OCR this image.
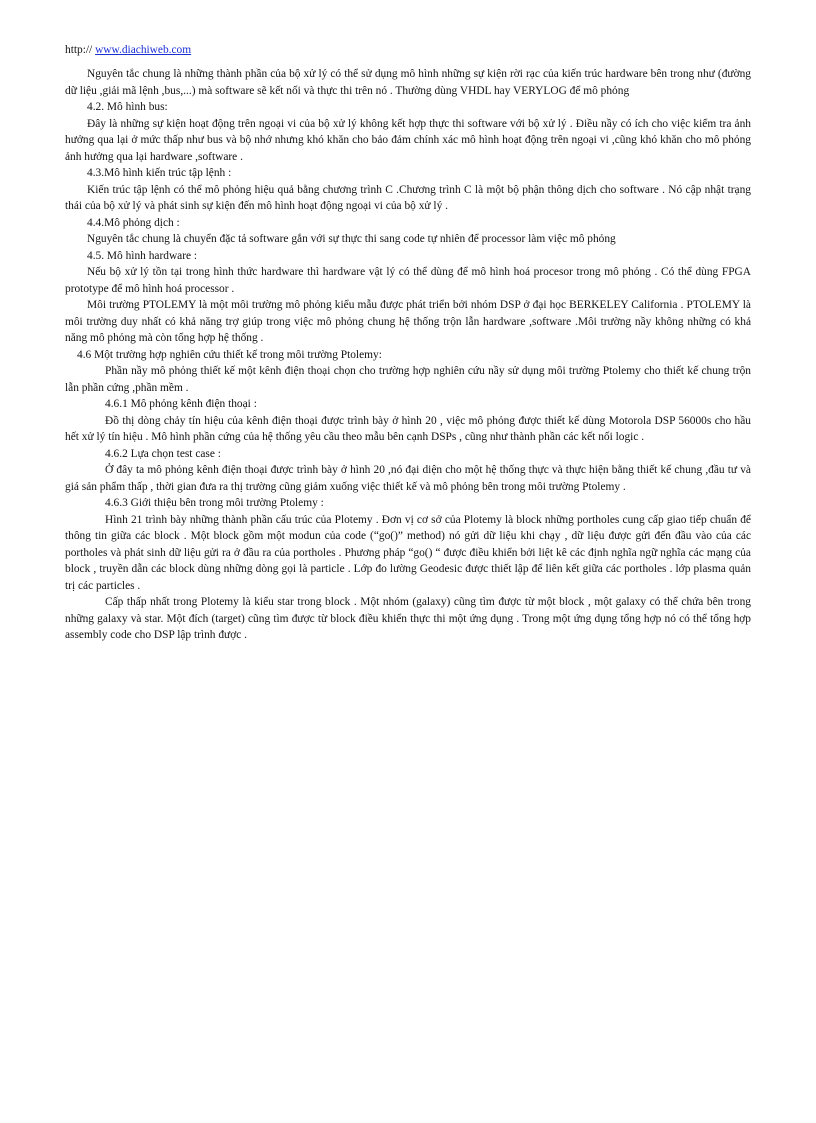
http:// www.diachiweb.com

Nguyên tắc chung là những thành phần của bộ xử lý có thể sử dụng mô hình những sự kiện rời rạc của kiến trúc hardware bên trong như (đường dữ liệu ,giải mã lệnh ,bus,...) mà software sẽ kết nối và thực thi trên nó . Thường dùng VHDL hay VERYLOG để mô phỏng

4.2. Mô hình bus:

Đây là những sự kiện hoạt động trên ngoại vi của bộ xử lý không kết hợp thực thi software với bộ xử lý . Điều nầy có ích cho việc kiểm tra ảnh hưởng qua lại ở mức thấp như bus và bộ nhớ nhưng khó khăn cho bảo đảm chính xác mô hình hoạt động trên ngoại vi ,cũng khó khăn cho mô phỏng ảnh hưởng qua lại hardware ,software .

4.3.Mô hình kiến trúc tập lệnh :

Kiến trúc tập lệnh có thể mô phỏng hiệu quả bằng chương trình C .Chương trình C là một bộ phận thông dịch cho software . Nó cập nhật trạng thái của bộ xử lý và phát sinh sự kiện đến mô hình hoạt động ngoại vi của bộ xử lý .

4.4.Mô phỏng dịch :

Nguyên tắc chung là chuyển đặc tả software gắn với sự thực thi sang code tự nhiên để processor làm việc mô phỏng

4.5. Mô hình hardware :

Nếu bộ xử lý tồn tại trong hình thức hardware thì hardware vật lý có thể dùng để mô hình hoá procesor trong mô phỏng . Có thể dùng FPGA prototype để mô hình hoá processor .

Môi trường PTOLEMY là một môi trường mô phỏng kiểu mẫu được phát triển bởi nhóm DSP ở đại học BERKELEY California . PTOLEMY là môi trường duy nhất có khả năng trợ giúp trong việc mô phỏng chung hệ thống trộn lẫn hardware ,software .Môi trường nầy không những có khả năng mô phỏng mà còn tổng hợp hệ thống .

4.6 Một trường hợp nghiên cứu thiết kế trong môi trường Ptolemy:

Phần nầy mô phỏng thiết kế một kênh điện thoại chọn cho trường hợp nghiên cứu nầy sử dụng môi trường Ptolemy cho thiết kế chung trộn lẫn phần cứng ,phần mềm .

4.6.1 Mô phỏng kênh điện thoại :

Đồ thị dòng chảy tín hiệu của kênh điện thoại được trình bày ở hình 20 , việc mô phỏng được thiết kế dùng Motorola DSP 56000s cho hầu hết xử lý tín hiệu . Mô hình phần cứng của hệ thống yêu cầu theo mẫu bên cạnh DSPs , cũng như thành phần các kết nối logic .

4.6.2 Lựa chọn test case :

Ở đây ta mô phỏng kênh điện thoại được trình bày ở hình 20 ,nó đại diện cho một hệ thống thực và thực hiện bằng thiết kế chung ,đầu tư và giá sản phẩm thấp , thời gian đưa ra thị trường cũng giảm xuống việc thiết kế và mô phỏng bên trong môi trường Ptolemy .

4.6.3 Giới thiệu bên trong môi trường Ptolemy :

Hình 21 trình bày những thành phần cấu trúc của Plotemy . Đơn vị cơ sở của Plotemy là block những portholes cung cấp giao tiếp chuẩn để thông tin giữa các block . Một block gồm một modun của code (“go()” method) nó gửi dữ liệu khi chạy , dữ liệu được gửi đến đầu vào của các portholes và phát sinh dữ liệu gửi ra ở đầu ra của portholes . Phương pháp “go() “ được điều khiển bởi liệt kê các định nghĩa ngữ nghĩa các mạng của block , truyền dẫn các block dùng những dòng gọi là particle . Lớp đo lường Geodesic được thiết lập để liên kết giữa các portholes . lớp plasma quản trị các particles .

Cấp thấp nhất trong Plotemy là kiểu star trong block . Một nhóm (galaxy) cũng tìm được từ một block , một galaxy có thể chứa bên trong những galaxy và star. Một đích (target) cũng tìm được từ block điều khiển thực thi một ứng dụng . Trong một ứng dụng tổng hợp nó có thể tổng hợp assembly code cho DSP lập trình được .
